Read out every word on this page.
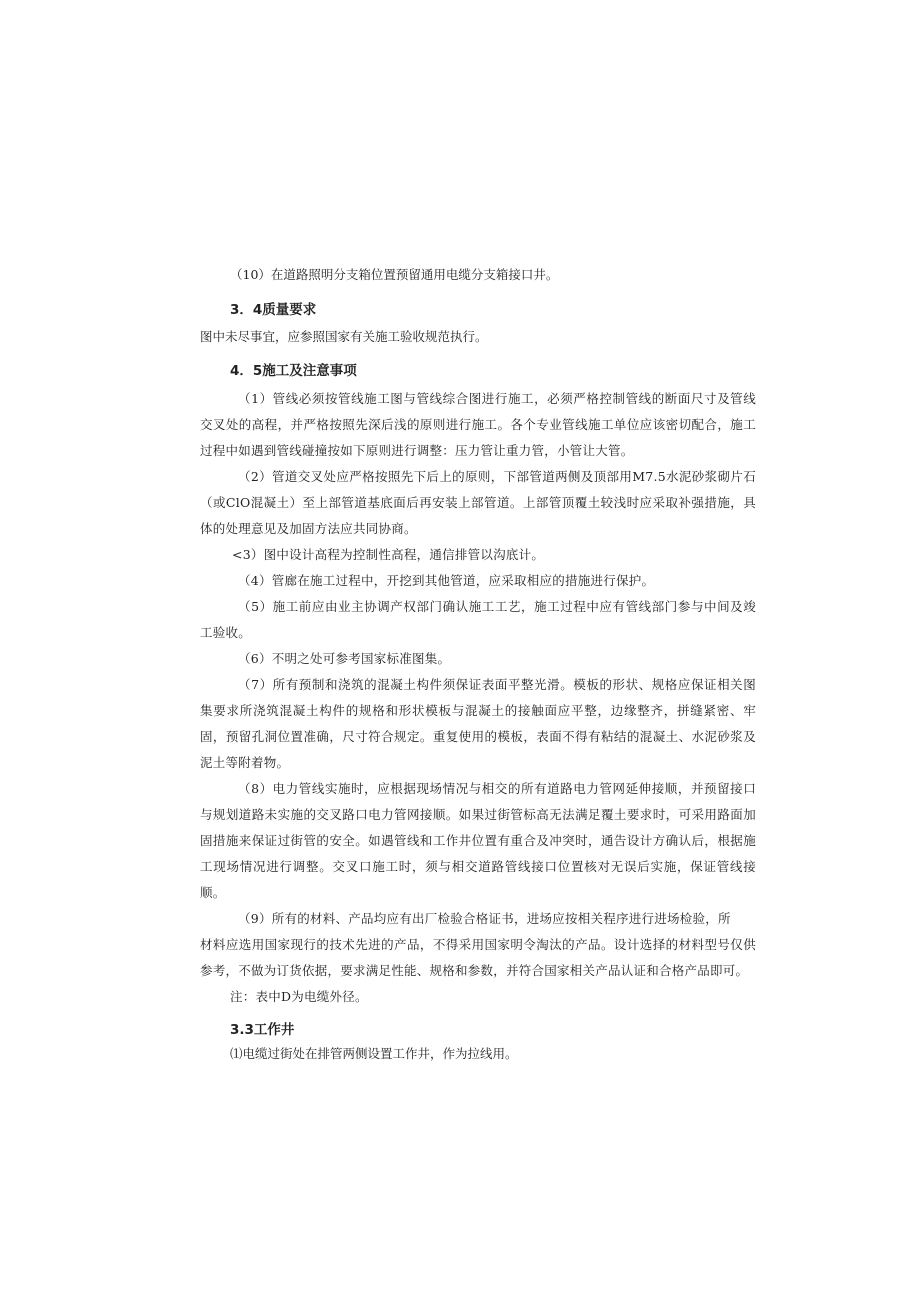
（10）在道路照明分支箱位置预留通用电缆分支箱接口井。
3．4质量要求
图中未尽事宜，应参照国家有关施工验收规范执行。
4．5施工及注意事项
（1）管线必须按管线施工图与管线综合图进行施工，必须严格控制管线的断面尺寸及管线交叉处的高程，并严格按照先深后浅的原则进行施工。各个专业管线施工单位应该密切配合，施工过程中如遇到管线碰撞按如下原则进行调整：压力管让重力管，小管让大管。
（2）管道交叉处应严格按照先下后上的原则，下部管道两侧及顶部用M7.5水泥砂浆砌片石（或ClO混凝土）至上部管道基底面后再安装上部管道。上部管顶覆土较浅时应采取补强措施，具体的处理意见及加固方法应共同协商。
<3）图中设计高程为控制性高程，通信排管以沟底计。
（4）管廊在施工过程中，开挖到其他管道，应采取相应的措施进行保护。
（5）施工前应由业主协调产权部门确认施工工艺，施工过程中应有管线部门参与中间及竣工验收。
（6）不明之处可参考国家标准图集。
（7）所有预制和浇筑的混凝土构件须保证表面平整光滑。模板的形状、规格应保证相关图集要求所浇筑混凝土构件的规格和形状模板与混凝土的接触面应平整，边缘整齐，拼缝紧密、牢固，预留孔洞位置准确，尺寸符合规定。重复使用的模板，表面不得有粘结的混凝土、水泥砂浆及泥土等附着物。
（8）电力管线实施时，应根据现场情况与相交的所有道路电力管网延伸接顺，并预留接口与规划道路未实施的交叉路口电力管网接顺。如果过街管标高无法满足覆土要求时，可采用路面加固措施来保证过街管的安全。如遇管线和工作井位置有重合及冲突时，通告设计方确认后，根据施工现场情况进行调整。交叉口施工时，须与相交道路管线接口位置核对无误后实施，保证管线接顺。
（9）所有的材料、产品均应有出厂检验合格证书，进场应按相关程序进行进场检验，所
材料应选用国家现行的技术先进的产品，不得采用国家明令淘汰的产品。设计选择的材料型号仅供参考，不做为订货依据，要求满足性能、规格和参数，并符合国家相关产品认证和合格产品即可。
注：表中D为电缆外径。
3.3工作井
⑴电缆过街处在排管两侧设置工作井，作为拉线用。
